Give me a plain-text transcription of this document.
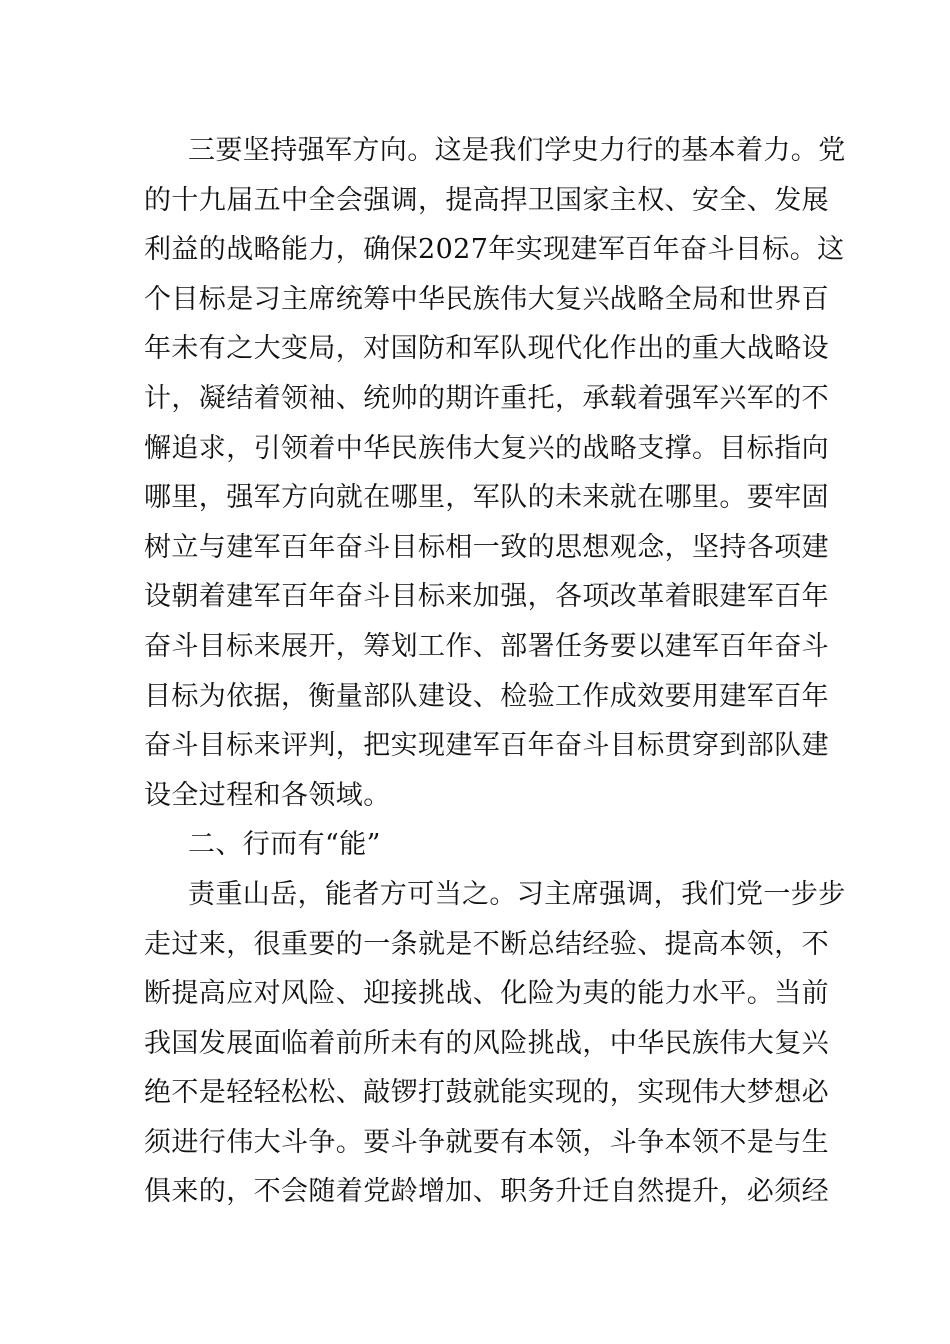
三要坚持强军方向。这是我们学史力行的基本着力。党
的十九届五中全会强调，提高捍卫国家主权、安全、发展
利益的战略能力，确保2027年实现建军百年奋斗目标。这
个目标是习主席统筹中华民族伟大复兴战略全局和世界百
年未有之大变局，对国防和军队现代化作出的重大战略设
计，凝结着领袖、统帅的期许重托，承载着强军兴军的不
懈追求，引领着中华民族伟大复兴的战略支撑。目标指向
哪里，强军方向就在哪里，军队的未来就在哪里。要牢固
树立与建军百年奋斗目标相一致的思想观念，坚持各项建
设朝着建军百年奋斗目标来加强，各项改革着眼建军百年
奋斗目标来展开，筹划工作、部署任务要以建军百年奋斗
目标为依据，衡量部队建设、检验工作成效要用建军百年
奋斗目标来评判，把实现建军百年奋斗目标贯穿到部队建
设全过程和各领域。
二、行而有“能”
责重山岳，能者方可当之。习主席强调，我们党一步步
走过来，很重要的一条就是不断总结经验、提高本领，不
断提高应对风险、迎接挑战、化险为夷的能力水平。当前
我国发展面临着前所未有的风险挑战，中华民族伟大复兴
绝不是轻轻松松、敲锣打鼓就能实现的，实现伟大梦想必
须进行伟大斗争。要斗争就要有本领，斗争本领不是与生
俱来的，不会随着党龄增加、职务升迁自然提升，必须经
